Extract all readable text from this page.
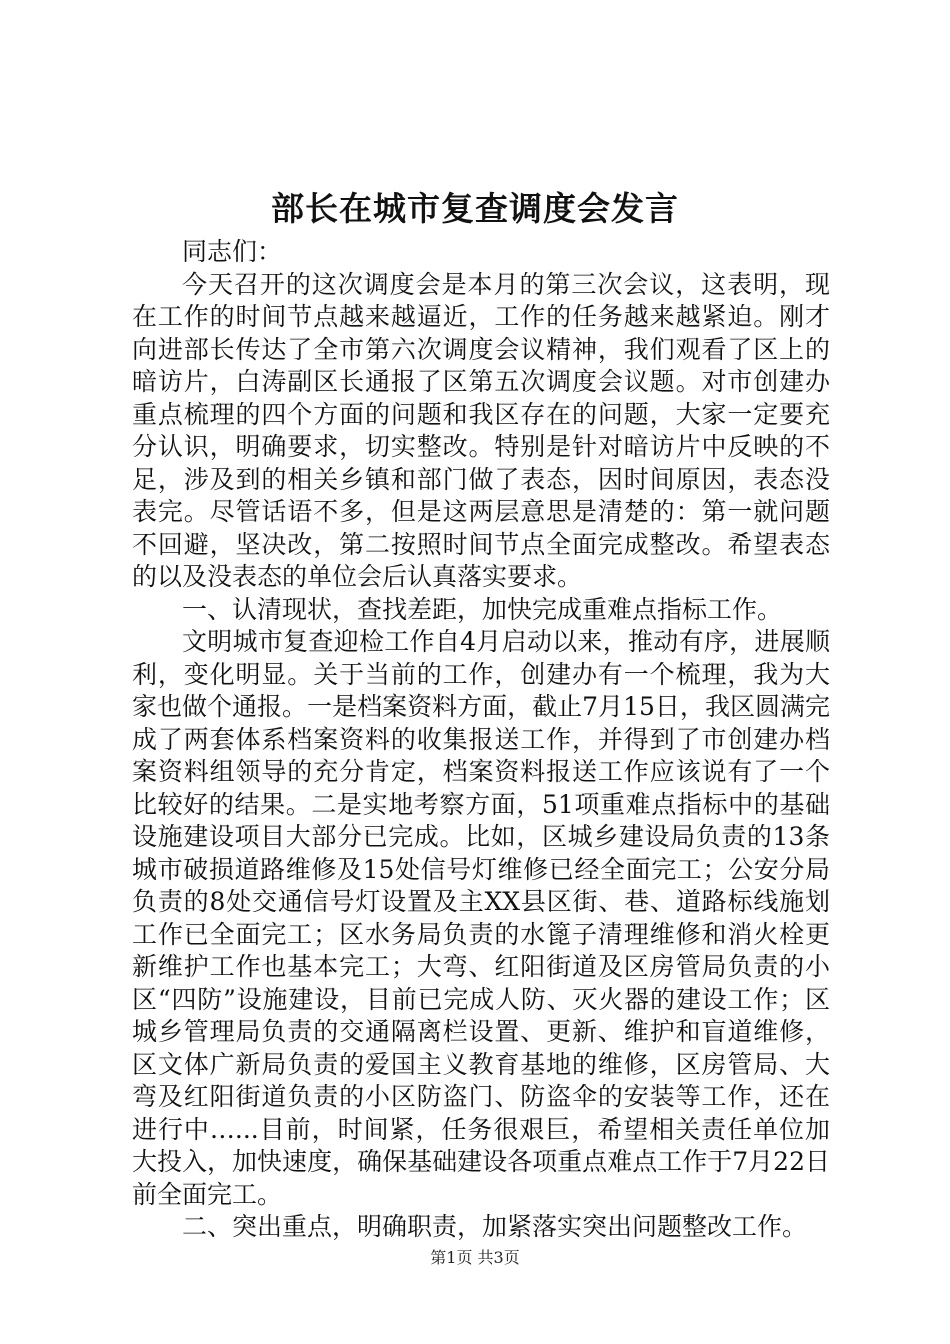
部长在城市复查调度会发言

同志们：

今天召开的这次调度会是本月的第三次会议，这表明，现在工作的时间节点越来越逼近，工作的任务越来越紧迫。刚才向进部长传达了全市第六次调度会议精神，我们观看了区上的暗访片，白涛副区长通报了区第五次调度会议题。对市创建办重点梳理的四个方面的问题和我区存在的问题，大家一定要充分认识，明确要求，切实整改。特别是针对暗访片中反映的不足，涉及到的相关乡镇和部门做了表态，因时间原因，表态没表完。尽管话语不多，但是这两层意思是清楚的：第一就问题不回避，坚决改，第二按照时间节点全面完成整改。希望表态的以及没表态的单位会后认真落实要求。

一、认清现状，查找差距，加快完成重难点指标工作。

文明城市复查迎检工作自4月启动以来，推动有序，进展顺利，变化明显。关于当前的工作，创建办有一个梳理，我为大家也做个通报。一是档案资料方面，截止7月15日，我区圆满完成了两套体系档案资料的收集报送工作，并得到了市创建办档案资料组领导的充分肯定，档案资料报送工作应该说有了一个比较好的结果。二是实地考察方面，51项重难点指标中的基础设施建设项目大部分已完成。比如，区城乡建设局负责的13条城市破损道路维修及15处信号灯维修已经全面完工；公安分局负责的8处交通信号灯设置及主XX县区街、巷、道路标线施划工作已全面完工；区水务局负责的水篦子清理维修和消火栓更新维护工作也基本完工；大弯、红阳街道及区房管局负责的小区“四防”设施建设，目前已完成人防、灭火器的建设工作；区城乡管理局负责的交通隔离栏设置、更新、维护和盲道维修，区文体广新局负责的爱国主义教育基地的维修，区房管局、大弯及红阳街道负责的小区防盗门、防盗伞的安装等工作，还在进行中…...目前，时间紧，任务很艰巨，希望相关责任单位加大投入，加快速度，确保基础建设各项重点难点工作于7月22日前全面完工。

二、突出重点，明确职责，加紧落实突出问题整改工作。

第1页 共3页
